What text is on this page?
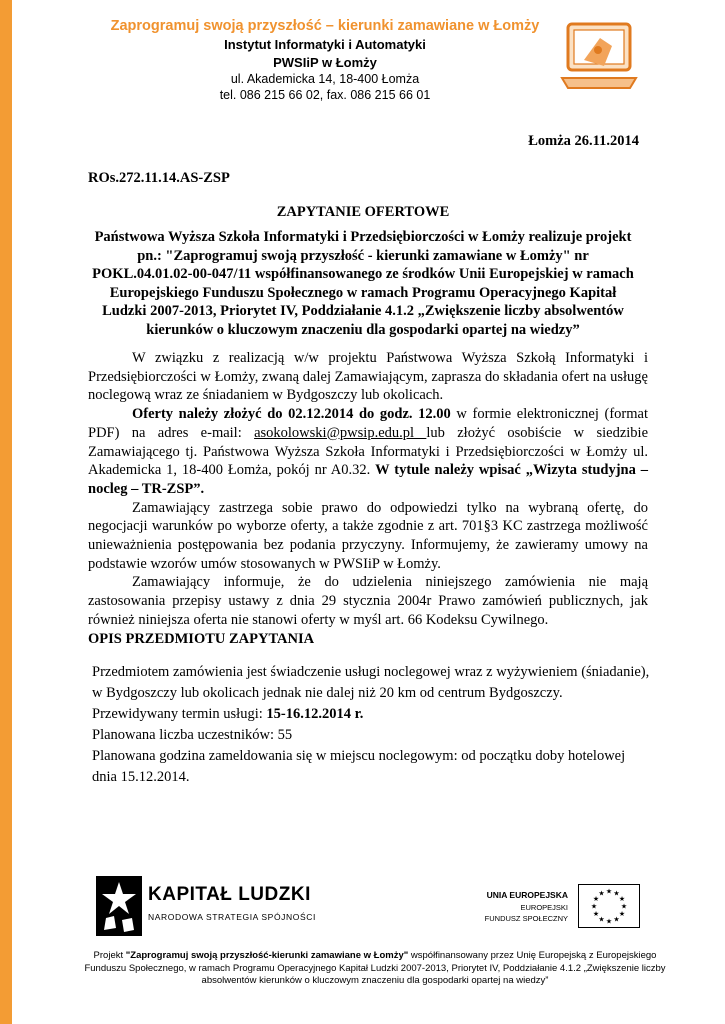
Zaprogramuj swoją przyszłość – kierunki zamawiane w Łomży
Instytut Informatyki i Automatyki
PWSIiP w Łomży
ul. Akademicka 14, 18-400 Łomża
tel. 086 215 66 02, fax. 086 215 66 01
Łomża 26.11.2014
ROs.272.11.14.AS-ZSP
ZAPYTANIE OFERTOWE
Państwowa Wyższa Szkoła Informatyki i Przedsiębiorczości w Łomży realizuje projekt pn.: "Zaprogramuj swoją przyszłość - kierunki zamawiane w Łomży" nr POKL.04.01.02-00-047/11 współfinansowanego ze środków Unii Europejskiej w ramach Europejskiego Funduszu Społecznego w ramach Programu Operacyjnego Kapitał Ludzki 2007-2013, Priorytet IV, Poddziałanie 4.1.2 „Zwiększenie liczby absolwentów kierunków o kluczowym znaczeniu dla gospodarki opartej na wiedzy”
W związku z realizacją w/w projektu Państwowa Wyższa Szkołą Informatyki i Przedsiębiorczości w Łomży, zwaną dalej Zamawiającym, zaprasza do składania ofert na usługę noclegową wraz ze śniadaniem w Bydgoszczy lub okolicach.
Oferty należy złożyć do 02.12.2014 do godz. 12.00 w formie elektronicznej (format PDF) na adres e-mail: asokolowski@pwsip.edu.pl lub złożyć osobiście w siedzibie Zamawiającego tj. Państwowa Wyższa Szkoła Informatyki i Przedsiębiorczości w Łomży ul. Akademicka 1, 18-400 Łomża, pokój nr A0.32. W tytule należy wpisać „Wizyta studyjna – nocleg – TR-ZSP”.
Zamawiający zastrzega sobie prawo do odpowiedzi tylko na wybraną ofertę, do negocjacji warunków po wyborze oferty, a także zgodnie z art. 701§3 KC zastrzega możliwość unieważnienia postępowania bez podania przyczyny. Informujemy, że zawieramy umowy na podstawie wzorów umów stosowanych w PWSIiP w Łomży.
Zamawiający informuje, że do udzielenia niniejszego zamówienia nie mają zastosowania przepisy ustawy z dnia 29 stycznia 2004r Prawo zamówień publicznych, jak również niniejsza oferta nie stanowi oferty w myśl art. 66 Kodeksu Cywilnego.
OPIS PRZEDMIOTU ZAPYTANIA

Przedmiotem zamówienia jest świadczenie usługi noclegowej wraz z wyżywieniem (śniadanie), w Bydgoszczy lub okolicach jednak nie dalej niż 20 km od centrum Bydgoszczy.

Przewidywany termin usługi: 15-16.12.2014 r.

Planowana liczba uczestników: 55

Planowana godzina zameldowania się w miejscu noclegowym: od początku doby hotelowej dnia 15.12.2014.

KAPITAŁ LUDZKI
NARODOWA STRATEGIA SPÓJNOŚCI
UNIA EUROPEJSKA
EUROPEJSKI
FUNDUSZ SPOŁECZNY
★
★
★
★
★
★
★
★
★ ★ ★
★
Projekt "Zaprogramuj swoją przyszłość-kierunki zamawiane w Łomży" współfinansowany przez Unię Europejską z Europejskiego Funduszu Społecznego, w ramach Programu Operacyjnego Kapitał Ludzki 2007-2013, Priorytet IV, Poddziałanie 4.1.2 „Zwiększenie liczby absolwentów kierunków o kluczowym znaczeniu dla gospodarki opartej na wiedzy”
